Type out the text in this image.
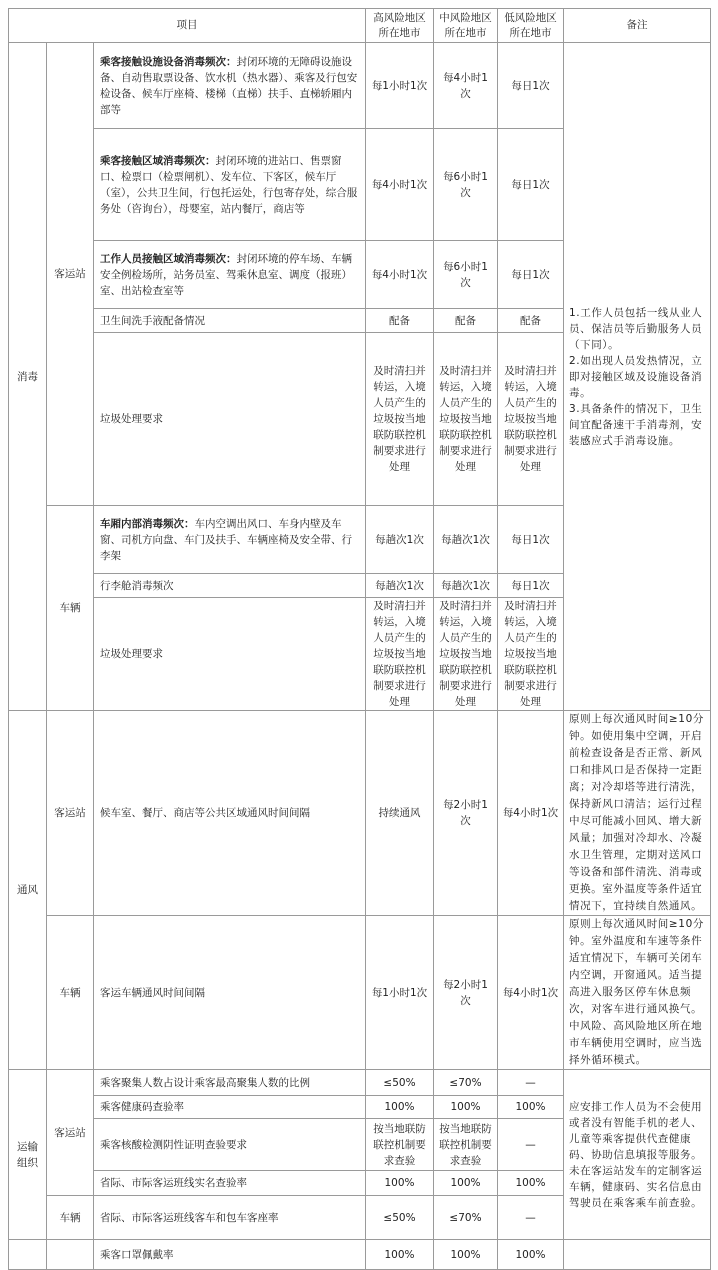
项目			高风险地区所在地市	中风险地区所在地市	低风险地区所在地市	备注
消毒	客运站	乘客接触设施设备消毒频次：封闭环境的无障碍设施设备、自动售取票设备、饮水机（热水器）、乘客及行包安检设备、候车厅座椅、楼梯（直梯）扶手、直梯轿厢内部等	每1小时1次	每4小时1次	每日1次	1.工作人员包括一线从业人员、保洁员等后勤服务人员（下同）。
2.如出现人员发热情况，立即对接触区域及设施设备消毒。
3.具备条件的情况下，卫生间宜配备速干手消毒剂，安装感应式手消毒设施。
		乘客接触区域消毒频次：封闭环境的进站口、售票窗口、检票口（检票闸机）、发车位、下客区，候车厅（室），公共卫生间，行包托运处，行包寄存处，综合服务处（咨询台），母婴室，站内餐厅，商店等	每4小时1次	每6小时1次	每日1次	
		工作人员接触区域消毒频次：封闭环境的停车场、车辆安全例检场所，站务员室、驾乘休息室、调度（报班）室、出站检查室等	每4小时1次	每6小时1次	每日1次	
		卫生间洗手液配备情况	配备	配备	配备	
		垃圾处理要求	及时清扫并转运，入境人员产生的垃圾按当地联防联控机制要求进行处理	及时清扫并转运，入境人员产生的垃圾按当地联防联控机制要求进行处理	及时清扫并转运，入境人员产生的垃圾按当地联防联控机制要求进行处理	
	车辆	车厢内部消毒频次：车内空调出风口、车身内壁及车窗、司机方向盘、车门及扶手、车辆座椅及安全带、行李架	每趟次1次	每趟次1次	每日1次	
		行李舱消毒频次	每趟次1次	每趟次1次	每日1次	
		垃圾处理要求	及时清扫并转运，入境人员产生的垃圾按当地联防联控机制要求进行处理	及时清扫并转运，入境人员产生的垃圾按当地联防联控机制要求进行处理	及时清扫并转运，入境人员产生的垃圾按当地联防联控机制要求进行处理	
通风	客运站	候车室、餐厅、商店等公共区域通风时间间隔	持续通风	每2小时1次	每4小时1次	原则上每次通风时间≥10分钟。如使用集中空调，开启前检查设备是否正常、新风口和排风口是否保持一定距离；对冷却塔等进行清洗，保持新风口清洁；运行过程中尽可能减小回风、增大新风量；加强对冷却水、冷凝水卫生管理，定期对送风口等设备和部件清洗、消毒或更换。室外温度等条件适宜情况下，宜持续自然通风。
	车辆	客运车辆通风时间间隔	每1小时1次	每2小时1次	每4小时1次	原则上每次通风时间≥10分钟。室外温度和车速等条件适宜情况下，车辆可关闭车内空调，开窗通风。适当提高进入服务区停车休息频次，对客车进行通风换气。中风险、高风险地区所在地市车辆使用空调时，应当选择外循环模式。
运输组织	客运站	乘客聚集人数占设计乘客最高聚集人数的比例	≤50%	≤70%	—	应安排工作人员为不会使用或者没有智能手机的老人、儿童等乘客提供代查健康码、协助信息填报等服务。未在客运站发车的定制客运车辆，健康码、实名信息由驾驶员在乘客乘车前查验。
		乘客健康码查验率	100%	100%	100%	
		乘客核酸检测阴性证明查验要求	按当地联防联控机制要求查验	按当地联防联控机制要求查验	—	
		省际、市际客运班线实名查验率	100%	100%	100%	
	车辆	省际、市际客运班线客车和包车客座率	≤50%	≤70%	—	
		乘客口罩佩戴率	100%	100%	100%	
